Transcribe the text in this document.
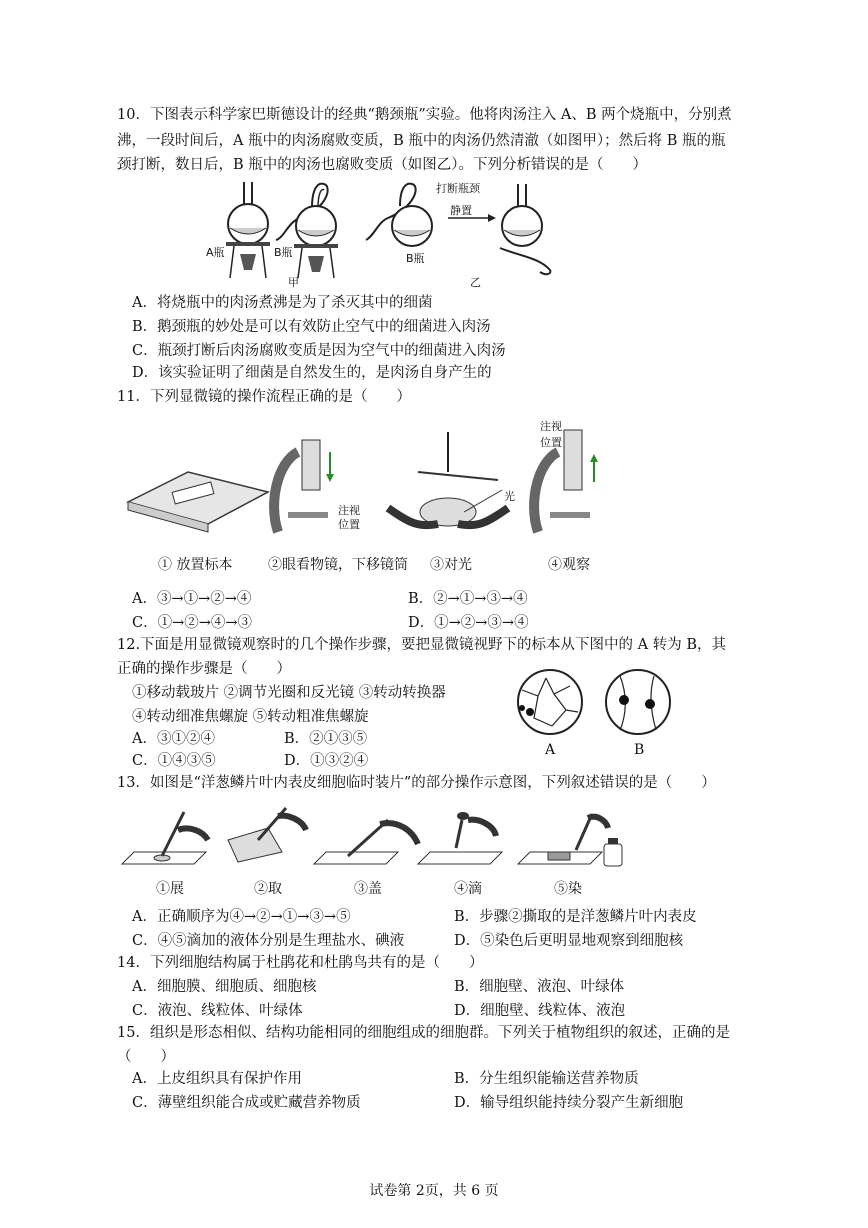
10．下图表示科学家巴斯德设计的经典“鹅颈瓶”实验。他将肉汤注入 A、B 两个烧瓶中，分别煮
沸，一段时间后，A 瓶中的肉汤腐败变质，B 瓶中的肉汤仍然清澈（如图甲）；然后将 B 瓶的瓶
颈打断，数日后，B 瓶中的肉汤也腐败变质（如图乙）。下列分析错误的是（　　）
A瓶	B瓶	B瓶
甲	乙
打断瓶颈
静置
A．将烧瓶中的肉汤煮沸是为了杀灭其中的细菌
B．鹅颈瓶的妙处是可以有效防止空气中的细菌进入肉汤
C．瓶颈打断后肉汤腐败变质是因为空气中的细菌进入肉汤
D．该实验证明了细菌是自然发生的，是肉汤自身产生的
11．下列显微镜的操作流程正确的是（　　）
注视
位置
注视
位置
光
① 放置标本	②眼看物镜，下移镜筒 ③对光	④观察
A．③→①→②→④	B．②→①→③→④
C．①→②→④→③	D．①→②→③→④
12.下面是用显微镜观察时的几个操作步骤，要把显微镜视野下的标本从下图中的 A 转为 B，其
正确的操作步骤是（　　）
①移动载玻片 ②调节光圈和反光镜 ③转动转换器
④转动细准焦螺旋 ⑤转动粗准焦螺旋
A．③①②④	B．②①③⑤
C．①④③⑤	D．①③②④
A	B
13．如图是“洋葱鳞片叶内表皮细胞临时装片”的部分操作示意图，下列叙述错误的是（　　）
①展	②取	③盖	④滴	⑤染
A．正确顺序为④→②→①→③→⑤	B．步骤②撕取的是洋葱鳞片叶内表皮
C．④⑤滴加的液体分别是生理盐水、碘液	D．⑤染色后更明显地观察到细胞核
14．下列细胞结构属于杜鹃花和杜鹃鸟共有的是（　　）
A．细胞膜、细胞质、细胞核	B．细胞壁、液泡、叶绿体
C．液泡、线粒体、叶绿体	D．细胞壁、线粒体、液泡
15．组织是形态相似、结构功能相同的细胞组成的细胞群。下列关于植物组织的叙述，正确的是
（　　）
A．上皮组织具有保护作用	B．分生组织能输送营养物质
C．薄壁组织能合成或贮藏营养物质	D．输导组织能持续分裂产生新细胞
试卷第 2页，共 6 页
